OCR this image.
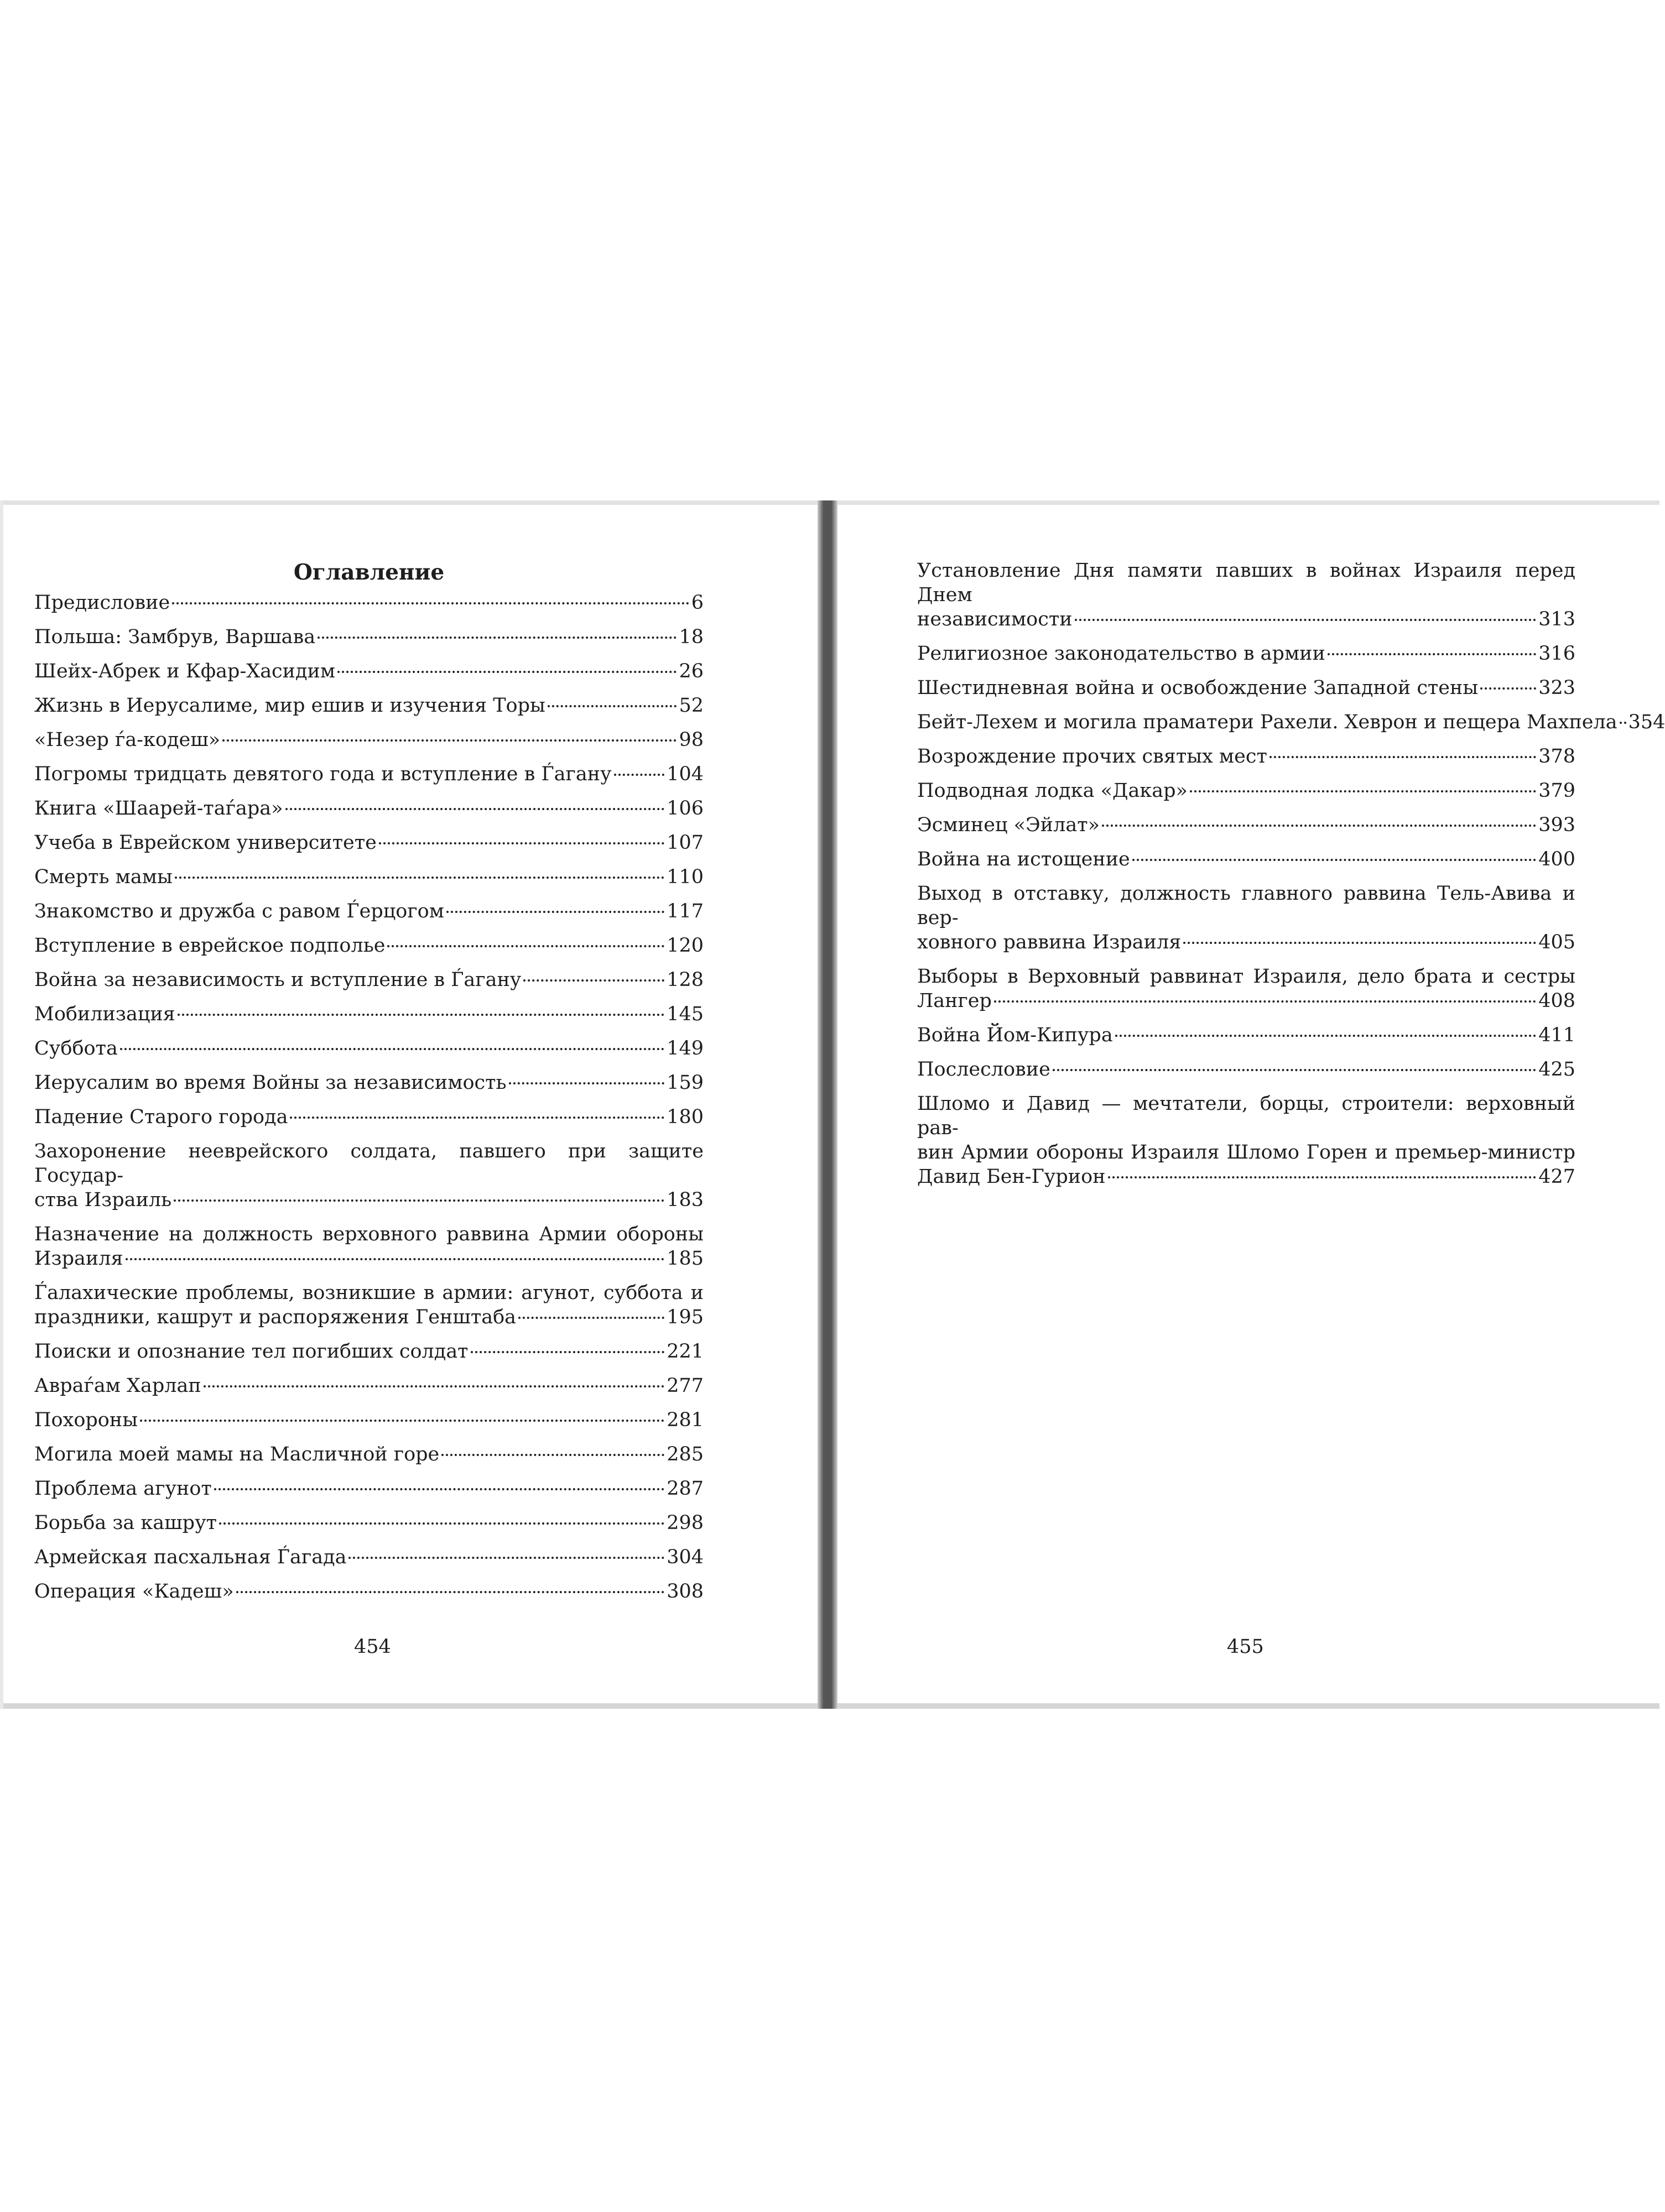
Оглавление
Предисловие	6
Польша: Замбрув, Варшава	18
Шейх-Абрек и Кфар-Хасидим	26
Жизнь в Иерусалиме, мир ешив и изучения Торы	52
«Незер ѓа-кодеш»	98
Погромы тридцать девятого года и вступление в Ѓагану	104
Книга «Шаарей-таѓара»	106
Учеба в Еврейском университете	107
Смерть мамы	110
Знакомство и дружба с равом Ѓерцогом	117
Вступление в еврейское подполье	120
Война за независимость и вступление в Ѓагану	128
Мобилизация	145
Суббота	149
Иерусалим во время Войны за независимость	159
Падение Старого города	180
Захоронение нееврейского солдата, павшего при защите Государ-
ства Израиль	183
Назначение на должность верховного раввина Армии обороны
Израиля	185
Ѓалахические проблемы, возникшие в армии: агунот, суббота и
праздники, кашрут и распоряжения Генштаба	195
Поиски и опознание тел погибших солдат	221
Авраѓам Харлап	277
Похороны	281
Могила моей мамы на Масличной горе	285
Проблема агунот	287
Борьба за кашрут	298
Армейская пасхальная Ѓагада	304
Операция «Кадеш»	308
Установление Дня памяти павших в войнах Израиля перед Днем
независимости	313
Религиозное законодательство в армии	316
Шестидневная война и освобождение Западной стены	323
Бейт-Лехем и могила праматери Рахели. Хеврон и пещера Махпела 354
Возрождение прочих святых мест	378
Подводная лодка «Дакар»	379
Эсминец «Эйлат»	393
Война на истощение	400
Выход в отставку, должность главного раввина Тель-Авива и вер-
ховного раввина Израиля	405
Выборы в Верховный раввинат Израиля, дело брата и сестры
Лангер	408
Война Йом-Кипура	411
Послесловие	425
Шломо и Давид — мечтатели, борцы, строители: верховный рав-
вин Армии обороны Израиля Шломо Горен и премьер-министр
Давид Бен-Гурион	427
454	455
